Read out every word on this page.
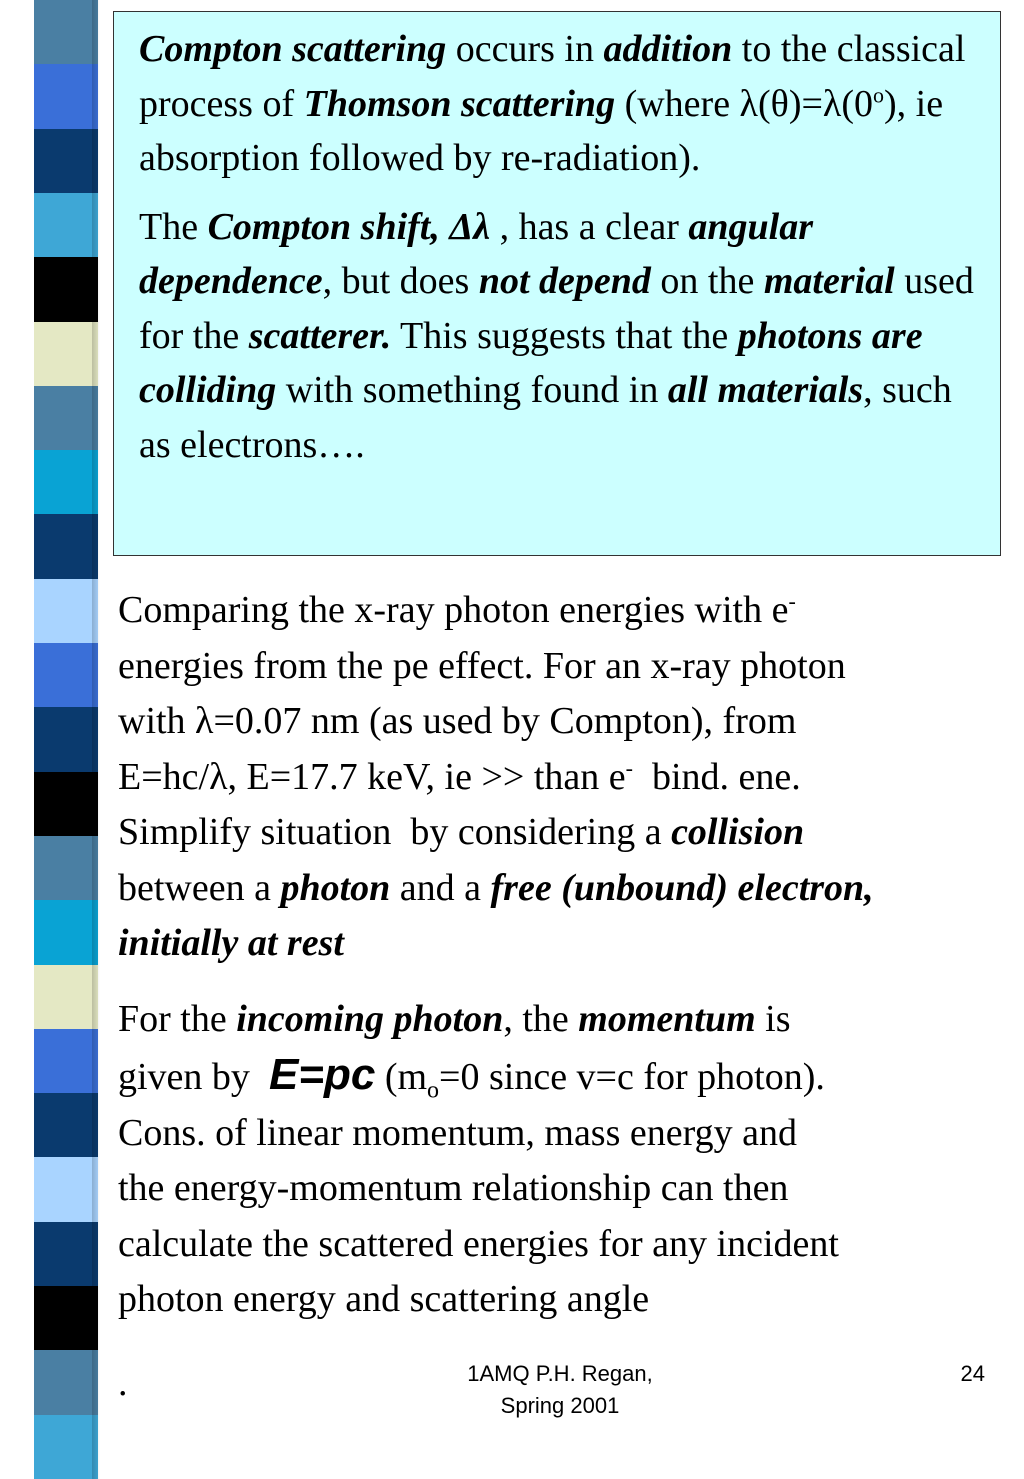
Compton scattering occurs in addition to the classical process of Thomson scattering (where $\lambda(\theta)=\lambda(0^o)$, ie absorption followed by re-radiation).

The Compton shift, Δλ , has a clear angular dependence, but does not depend on the material used for the scatterer. This suggests that the photons are colliding with something found in all materials, such as electrons….

Comparing the x-ray photon energies with e-

energies from the pe effect. For an x-ray photon

with λ=0.07 nm (as used by Compton), from

E=hc/λ, E=17.7 keV, ie >> than e-  bind. ene.

Simplify situation  by considering a collision

between a photon and a free (unbound) electron,

initially at rest

For the incoming photon, the momentum is

given by  E=pc ($m_o=0$ since v=c for photon).

Cons. of linear momentum, mass energy and

the energy-momentum relationship can then

calculate the scattered energies for any incident

photon energy and scattering angle

.	1AMQ P.H. Regan,
Spring 2001
24
